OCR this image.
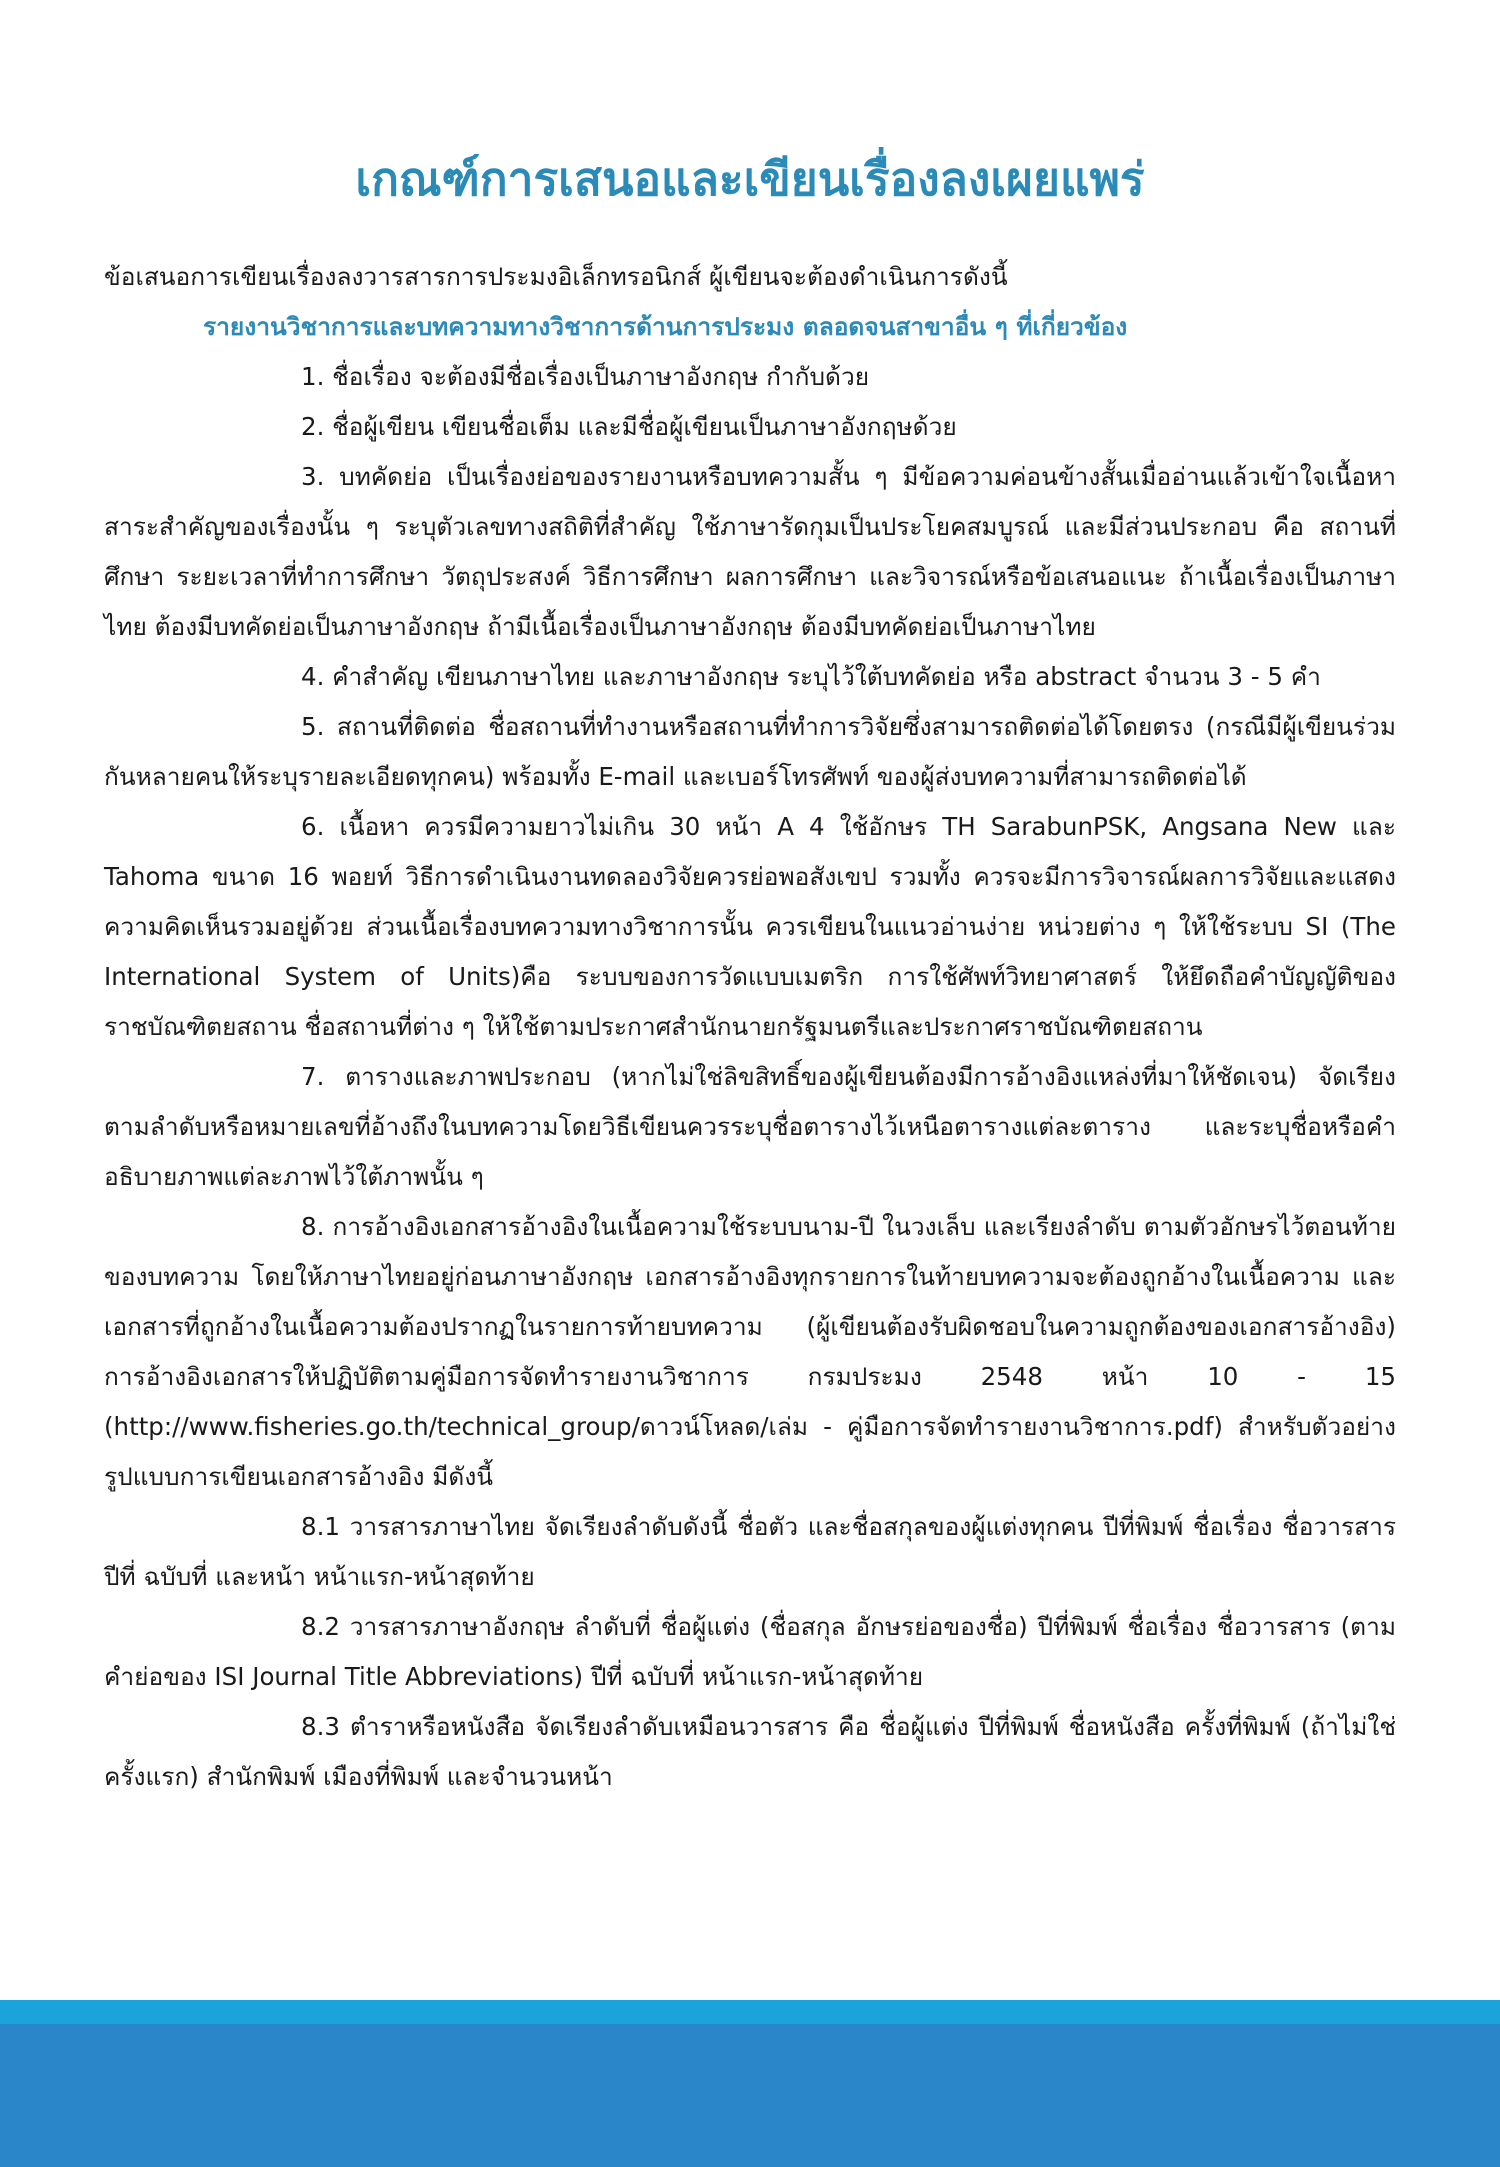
เกณฑ์การเสนอและเขียนเรื่องลงเผยแพร่

ข้อเสนอการเขียนเรื่องลงวารสารการประมงอิเล็กทรอนิกส์ ผู้เขียนจะต้องดำเนินการดังนี้

รายงานวิชาการและบทความทางวิชาการด้านการประมง ตลอดจนสาขาอื่น ๆ ที่เกี่ยวข้อง

1. ชื่อเรื่อง จะต้องมีชื่อเรื่องเป็นภาษาอังกฤษ กำกับด้วย

2. ชื่อผู้เขียน เขียนชื่อเต็ม และมีชื่อผู้เขียนเป็นภาษาอังกฤษด้วย

3. บทคัดย่อ เป็นเรื่องย่อของรายงานหรือบทความสั้น ๆ มีข้อความค่อนข้างสั้นเมื่ออ่านแล้วเข้าใจเนื้อหาสาระสำคัญของเรื่องนั้น ๆ ระบุตัวเลขทางสถิติที่สำคัญ ใช้ภาษารัดกุมเป็นประโยคสมบูรณ์ และมีส่วนประกอบ คือ สถานที่ศึกษา ระยะเวลาที่ทำการศึกษา วัตถุประสงค์ วิธีการศึกษา ผลการศึกษา และวิจารณ์หรือข้อเสนอแนะ ถ้าเนื้อเรื่องเป็นภาษาไทย ต้องมีบทคัดย่อเป็นภาษาอังกฤษ ถ้ามีเนื้อเรื่องเป็นภาษาอังกฤษ ต้องมีบทคัดย่อเป็นภาษาไทย

4. คำสำคัญ เขียนภาษาไทย และภาษาอังกฤษ ระบุไว้ใต้บทคัดย่อ หรือ abstract จำนวน 3 - 5 คำ

5. สถานที่ติดต่อ ชื่อสถานที่ทำงานหรือสถานที่ทำการวิจัยซึ่งสามารถติดต่อได้โดยตรง (กรณีมีผู้เขียนร่วมกันหลายคนให้ระบุรายละเอียดทุกคน) พร้อมทั้ง E-mail และเบอร์โทรศัพท์ ของผู้ส่งบทความที่สามารถติดต่อได้

6. เนื้อหา ควรมีความยาวไม่เกิน 30 หน้า A 4 ใช้อักษร TH SarabunPSK, Angsana New และ Tahoma ขนาด 16 พอยท์ วิธีการดำเนินงานทดลองวิจัยควรย่อพอสังเขป รวมทั้ง ควรจะมีการวิจารณ์ผลการวิจัยและแสดงความคิดเห็นรวมอยู่ด้วย ส่วนเนื้อเรื่องบทความทางวิชาการนั้น ควรเขียนในแนวอ่านง่าย หน่วยต่าง ๆ ให้ใช้ระบบ SI (The International System of Units)คือ ระบบของการวัดแบบเมตริก การใช้ศัพท์วิทยาศาสตร์ ให้ยึดถือคำบัญญัติของราชบัณฑิตยสถาน ชื่อสถานที่ต่าง ๆ ให้ใช้ตามประกาศสำนักนายกรัฐมนตรีและประกาศราชบัณฑิตยสถาน

7. ตารางและภาพประกอบ (หากไม่ใช่ลิขสิทธิ์ของผู้เขียนต้องมีการอ้างอิงแหล่งที่มาให้ชัดเจน) จัดเรียงตามลำดับหรือหมายเลขที่อ้างถึงในบทความโดยวิธีเขียนควรระบุชื่อตารางไว้เหนือตารางแต่ละตาราง และระบุชื่อหรือคำอธิบายภาพแต่ละภาพไว้ใต้ภาพนั้น ๆ

8. การอ้างอิงเอกสารอ้างอิงในเนื้อความใช้ระบบนาม-ปี ในวงเล็บ และเรียงลำดับ ตามตัวอักษรไว้ตอนท้ายของบทความ โดยให้ภาษาไทยอยู่ก่อนภาษาอังกฤษ เอกสารอ้างอิงทุกรายการในท้ายบทความจะต้องถูกอ้างในเนื้อความ และเอกสารที่ถูกอ้างในเนื้อความต้องปรากฏในรายการท้ายบทความ (ผู้เขียนต้องรับผิดชอบในความถูกต้องของเอกสารอ้างอิง) การอ้างอิงเอกสารให้ปฏิบัติตามคู่มือการจัดทำรายงานวิชาการ กรมประมง 2548 หน้า 10 - 15 (http://www.fisheries.go.th/technical_group/ดาวน์โหลด/เล่ม - คู่มือการจัดทำรายงานวิชาการ.pdf) สำหรับตัวอย่างรูปแบบการเขียนเอกสารอ้างอิง มีดังนี้

8.1 วารสารภาษาไทย จัดเรียงลำดับดังนี้ ชื่อตัว และชื่อสกุลของผู้แต่งทุกคน ปีที่พิมพ์ ชื่อเรื่อง ชื่อวารสาร ปีที่ ฉบับที่ และหน้า หน้าแรก-หน้าสุดท้าย

8.2 วารสารภาษาอังกฤษ ลำดับที่ ชื่อผู้แต่ง (ชื่อสกุล อักษรย่อของชื่อ) ปีที่พิมพ์ ชื่อเรื่อง ชื่อวารสาร (ตามคำย่อของ ISI Journal Title Abbreviations) ปีที่ ฉบับที่ หน้าแรก-หน้าสุดท้าย

8.3 ตำราหรือหนังสือ จัดเรียงลำดับเหมือนวารสาร คือ ชื่อผู้แต่ง ปีที่พิมพ์ ชื่อหนังสือ ครั้งที่พิมพ์ (ถ้าไม่ใช่ครั้งแรก) สำนักพิมพ์ เมืองที่พิมพ์ และจำนวนหน้า
